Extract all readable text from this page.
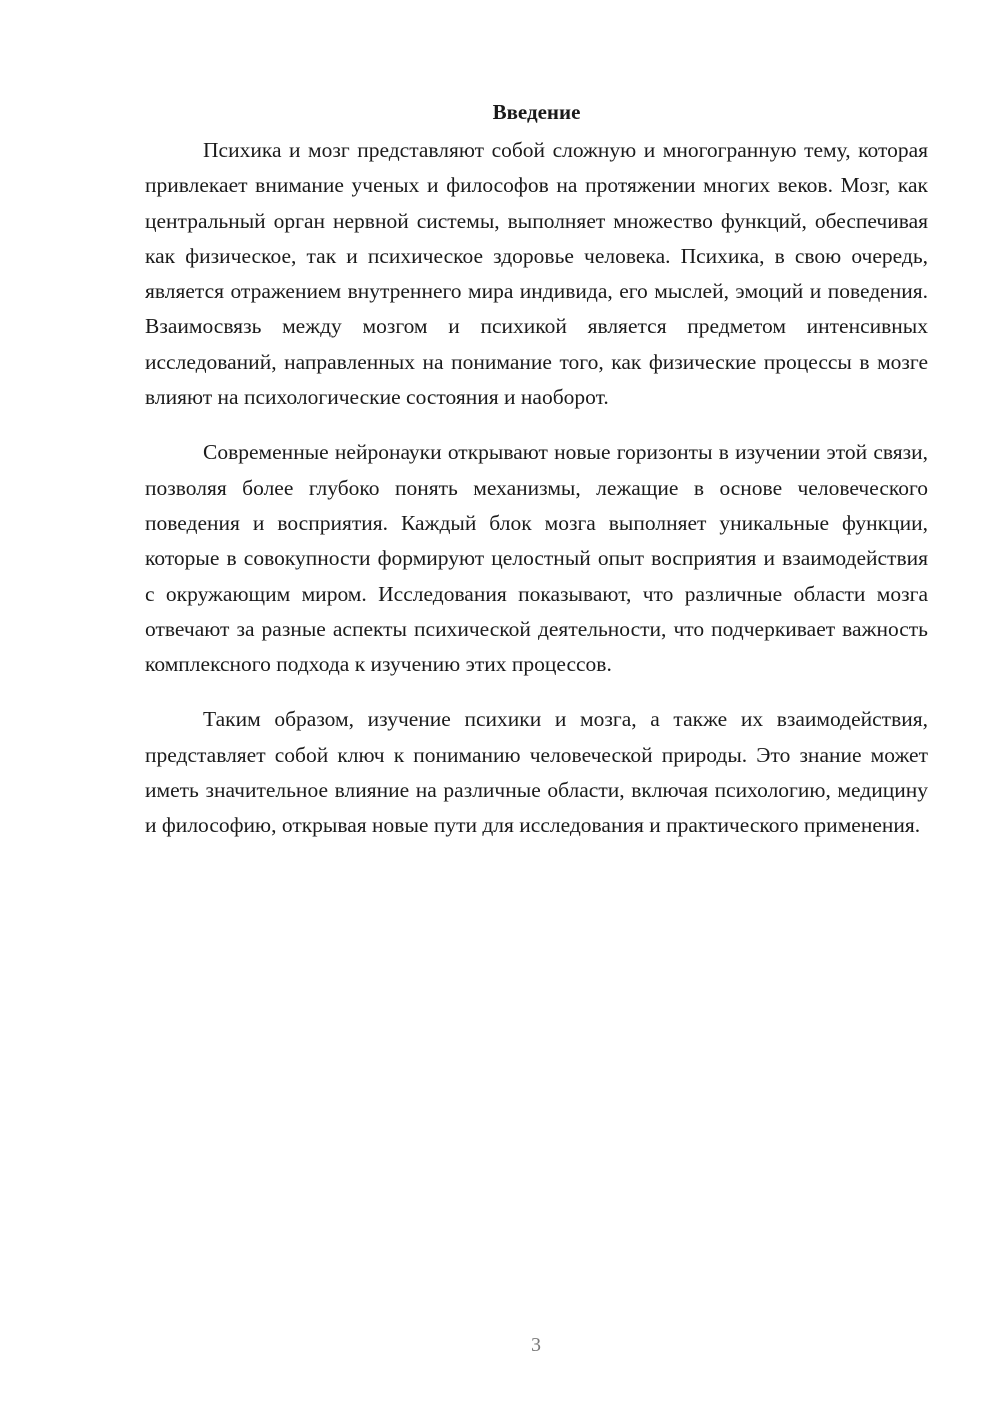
Введение

Психика и мозг представляют собой сложную и многогранную тему, которая привлекает внимание ученых и философов на протяжении многих веков. Мозг, как центральный орган нервной системы, выполняет множество функций, обеспечивая как физическое, так и психическое здоровье человека. Психика, в свою очередь, является отражением внутреннего мира индивида, его мыслей, эмоций и поведения. Взаимосвязь между мозгом и психикой является предметом интенсивных исследований, направленных на понимание того, как физические процессы в мозге влияют на психологические состояния и наоборот.

Современные нейронауки открывают новые горизонты в изучении этой связи, позволяя более глубоко понять механизмы, лежащие в основе человеческого поведения и восприятия. Каждый блок мозга выполняет уникальные функции, которые в совокупности формируют целостный опыт восприятия и взаимодействия с окружающим миром. Исследования показывают, что различные области мозга отвечают за разные аспекты психической деятельности, что подчеркивает важность комплексного подхода к изучению этих процессов.

Таким образом, изучение психики и мозга, а также их взаимодействия, представляет собой ключ к пониманию человеческой природы. Это знание может иметь значительное влияние на различные области, включая психологию, медицину и философию, открывая новые пути для исследования и практического применения.

3
